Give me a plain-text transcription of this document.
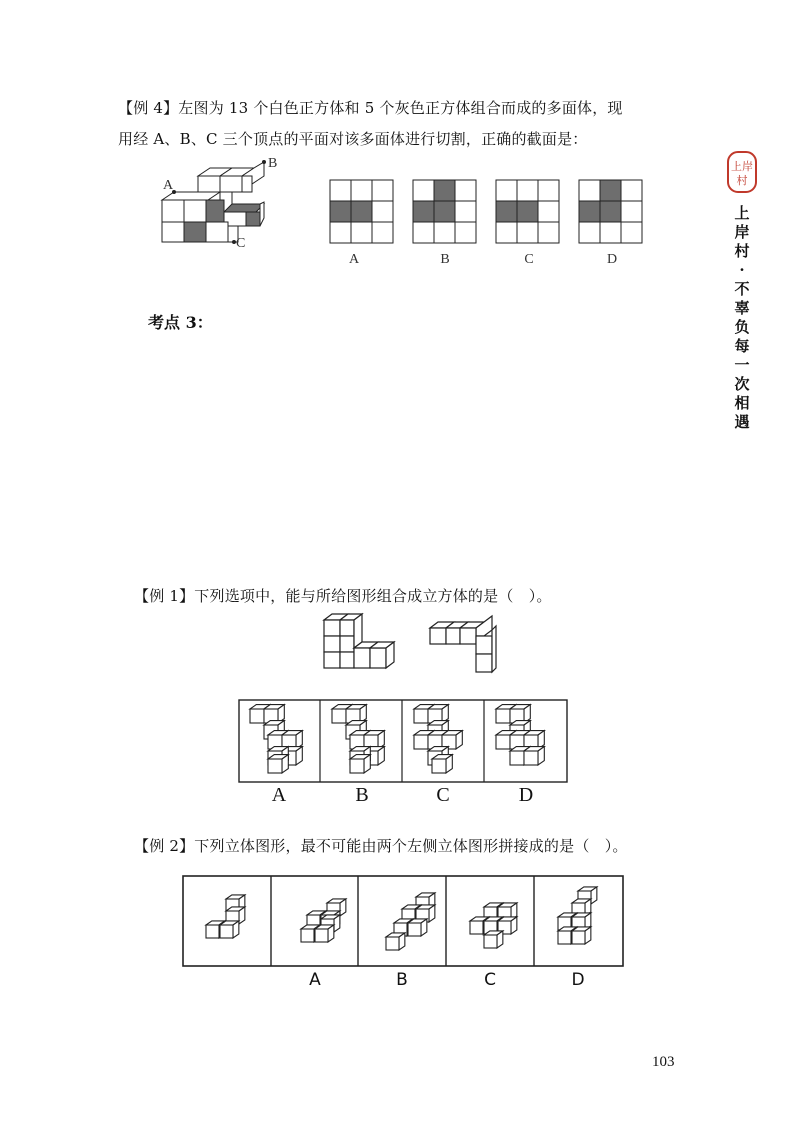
【例 4】左图为 13 个白色正方体和 5 个灰色正方体组合而成的多面体，现
用经 A、B、C 三个顶点的平面对该多面体进行切割，正确的截面是：
A
B
C
A	B	C	D
考点 3：
【例 1】下列选项中，能与所给图形组合成立方体的是（　）。
A	B	C	D
【例 2】下列立体图形，最不可能由两个左侧立体图形拼接成的是（　）。
A	B	C	D
上岸
村
上
岸
村
·
不
辜
负
每
一
次
相
遇
103
